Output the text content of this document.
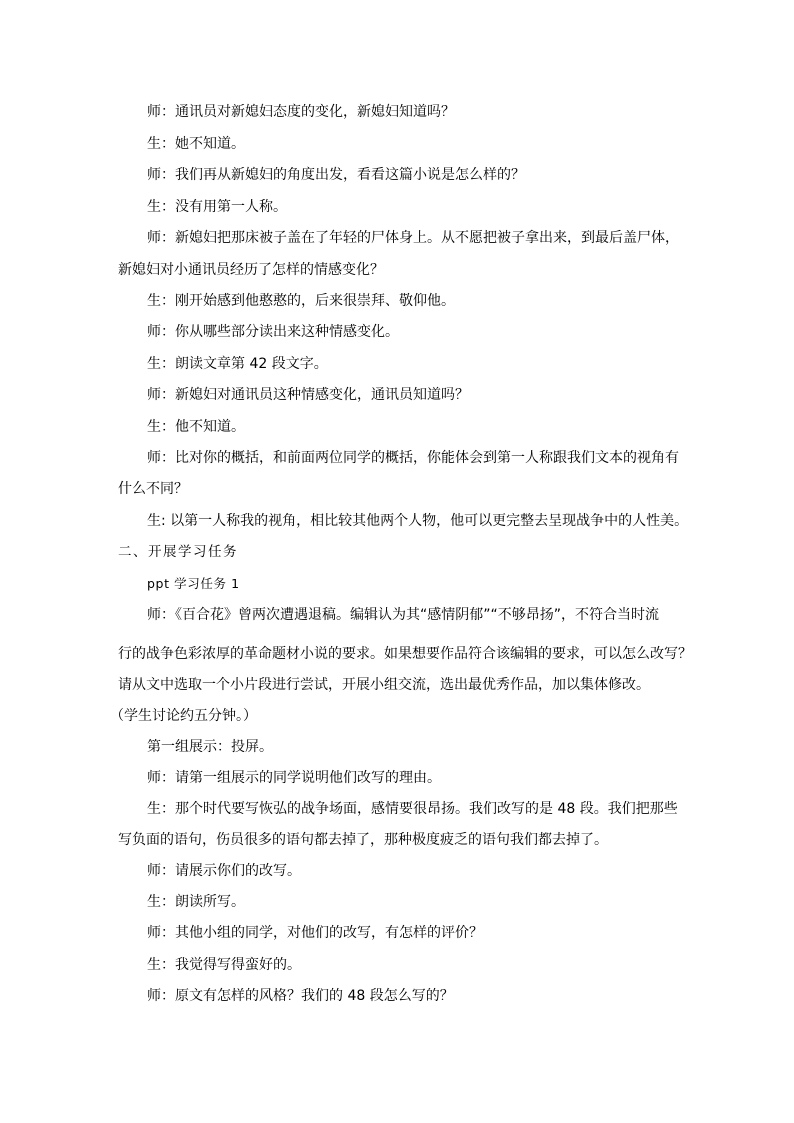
师：通讯员对新媳妇态度的变化，新媳妇知道吗？
生：她不知道。
师：我们再从新媳妇的角度出发，看看这篇小说是怎么样的？
生：没有用第一人称。
师：新媳妇把那床被子盖在了年轻的尸体身上。从不愿把被子拿出来，到最后盖尸体，
新媳妇对小通讯员经历了怎样的情感变化？
生：刚开始感到他憨憨的，后来很崇拜、敬仰他。
师：你从哪些部分读出来这种情感变化。
生：朗读文章第 42 段文字。
师：新媳妇对通讯员这种情感变化，通讯员知道吗？
生：他不知道。
师：比对你的概括，和前面两位同学的概括，你能体会到第一人称跟我们文本的视角有
什么不同？
生: 以第一人称我的视角，相比较其他两个人物，他可以更完整去呈现战争中的人性美。
二、开展学习任务
ppt 学习任务 1
师：《百合花》曾两次遭遇退稿。编辑认为其“感情阴郁”“不够昂扬”，不符合当时流
行的战争色彩浓厚的革命题材小说的要求。如果想要作品符合该编辑的要求，可以怎么改写？
请从文中选取一个小片段进行尝试，开展小组交流，选出最优秀作品，加以集体修改。
（学生讨论约五分钟。）
第一组展示：投屏。
师：请第一组展示的同学说明他们改写的理由。
生：那个时代要写恢弘的战争场面，感情要很昂扬。我们改写的是 48 段。我们把那些
写负面的语句，伤员很多的语句都去掉了，那种极度疲乏的语句我们都去掉了。
师：请展示你们的改写。
生：朗读所写。
师：其他小组的同学，对他们的改写，有怎样的评价？
生：我觉得写得蛮好的。
师：原文有怎样的风格？我们的 48 段怎么写的？
